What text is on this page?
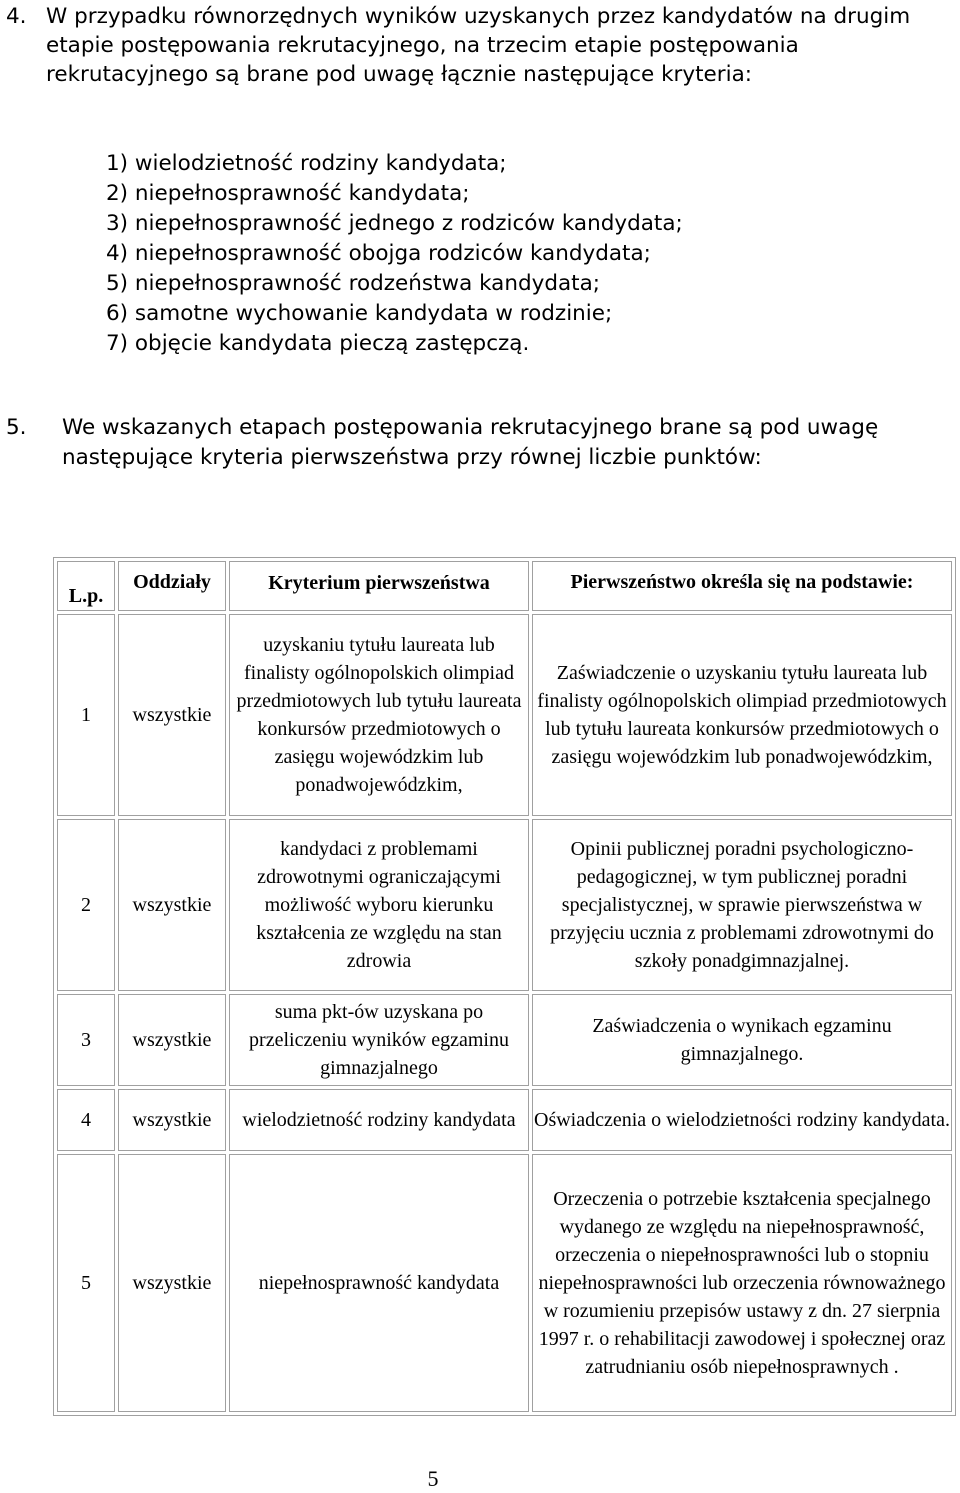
4. W przypadku równorzędnych wyników uzyskanych przez kandydatów na drugim etapie postępowania rekrutacyjnego, na trzecim etapie postępowania rekrutacyjnego są brane pod uwagę łącznie następujące kryteria:
1) wielodzietność rodziny kandydata;
2) niepełnosprawność kandydata;
3) niepełnosprawność jednego z rodziców kandydata;
4) niepełnosprawność obojga rodziców kandydata;
5) niepełnosprawność rodzeństwa kandydata;
6) samotne wychowanie kandydata w rodzinie;
7) objęcie kandydata pieczą zastępczą.
5. We wskazanych etapach postępowania rekrutacyjnego brane są pod uwagę następujące kryteria pierwszeństwa przy równej liczbie punktów:
L.p.	Oddziały	Kryterium pierwszeństwa	Pierwszeństwo określa się na podstawie:

1	wszystkie	uzyskaniu tytułu laureata lub finalisty ogólnopolskich olimpiad przedmiotowych lub tytułu laureata konkursów przedmiotowych o zasięgu wojewódzkim lub ponadwojewódzkim,	Zaświadczenie o uzyskaniu tytułu laureata lub finalisty ogólnopolskich olimpiad przedmiotowych lub tytułu laureata konkursów przedmiotowych o zasięgu wojewódzkim lub ponadwojewódzkim,
2	wszystkie	kandydaci z problemami zdrowotnymi ograniczającymi możliwość wyboru kierunku kształcenia ze względu na stan zdrowia	Opinii publicznej poradni psychologiczno-pedagogicznej, w tym publicznej poradni specjalistycznej, w sprawie pierwszeństwa w przyjęciu ucznia z problemami zdrowotnymi do szkoły ponadgimnazjalnej.
3	wszystkie	suma pkt-ów uzyskana po przeliczeniu wyników egzaminu gimnazjalnego	Zaświadczenia o wynikach egzaminu gimnazjalnego.
4	wszystkie	wielodzietność rodziny kandydata	Oświadczenia o wielodzietności rodziny kandydata.
5	wszystkie	niepełnosprawność kandydata	Orzeczenia o potrzebie kształcenia specjalnego wydanego ze względu na niepełnosprawność, orzeczenia o niepełnosprawności lub o stopniu niepełnosprawności lub orzeczenia równoważnego w rozumieniu przepisów ustawy z dn. 27 sierpnia 1997 r. o rehabilitacji zawodowej i społecznej oraz zatrudnianiu osób niepełnosprawnych .
5
